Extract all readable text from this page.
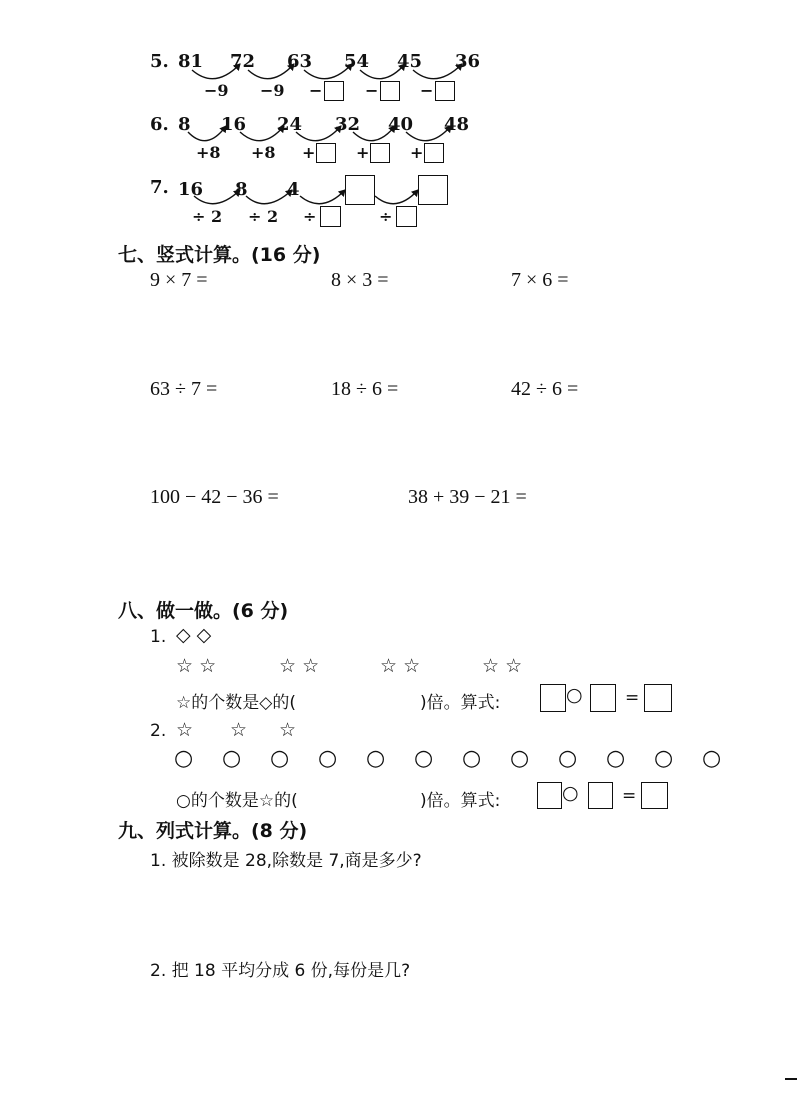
5. 81 72 63 54 45 36
−9 −9 −	−	−
6. 8 16 24 32 40 48
+8 +8 +	+	+
7. 16 8 4
÷ 2 ÷ 2 ÷	÷
七、竖式计算。(16 分)
9 × 7 =	8 × 3 =	7 × 6 =
63 ÷ 7 =	18 ÷ 6 =	42 ÷ 6 =
100 − 42 − 36 =	38 + 39 − 21 =
八、做一做。(6 分)
1. ◇ ◇
☆ ☆	☆ ☆	☆ ☆	☆ ☆
☆的个数是◇的(	)倍。算式:	○ =
2. ☆ ☆ ☆
○ ○ ○ ○ ○ ○ ○ ○ ○ ○ ○ ○
○的个数是☆的(	)倍。算式:	○	=
九、列式计算。(8 分)
1. 被除数是 28,除数是 7,商是多少?
2. 把 18 平均分成 6 份,每份是几?
